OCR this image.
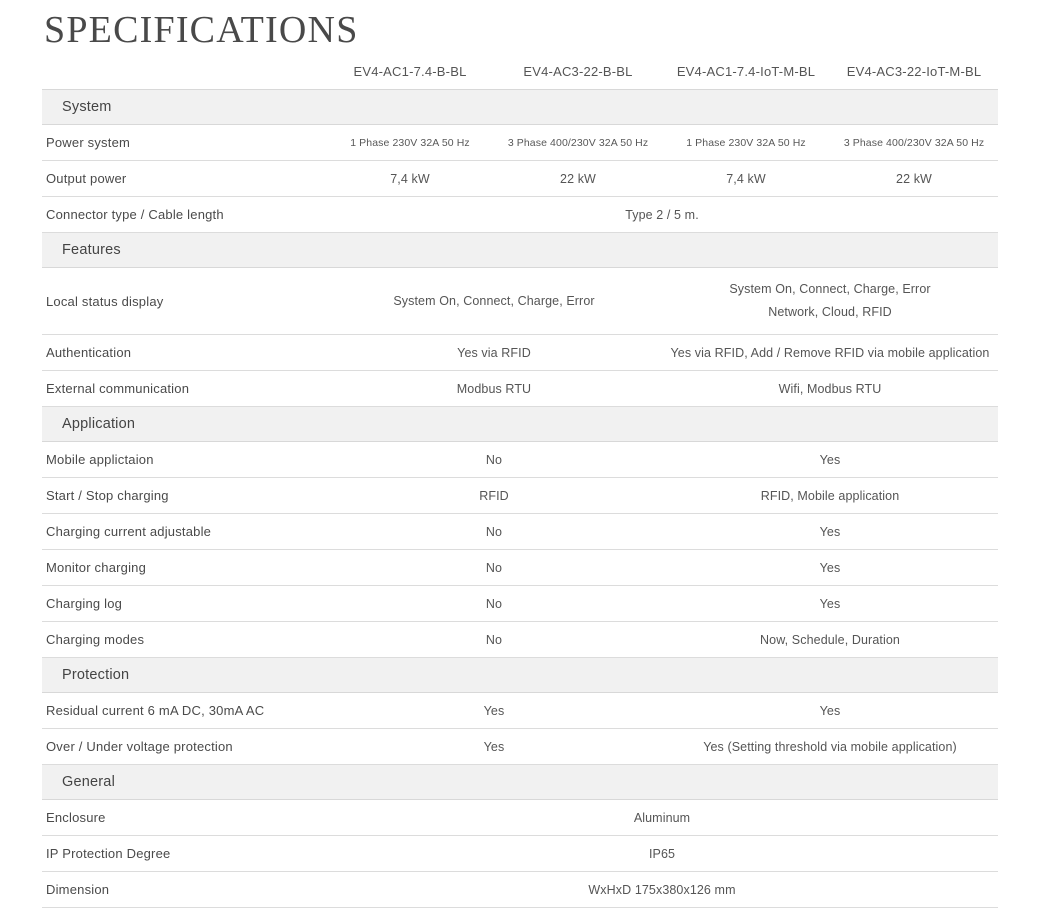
SPECIFICATIONS
	EV4-AC1-7.4-B-BL	EV4-AC3-22-B-BL	EV4-AC1-7.4-IoT-M-BL	EV4-AC3-22-IoT-M-BL
System				
Power system	1 Phase 230V 32A 50 Hz	3 Phase 400/230V 32A 50 Hz	1 Phase 230V 32A 50 Hz	3 Phase 400/230V 32A 50 Hz
Output power	7,4 kW	22 kW	7,4 kW	22 kW
Connector type / Cable length	Type 2 / 5 m.			
Features				
Local status display	System On, Connect, Charge, Error		System On, Connect, Charge, Error
Network, Cloud, RFID	
Authentication	Yes via RFID		Yes via RFID, Add / Remove RFID via mobile application	
External communication	Modbus RTU		Wifi, Modbus RTU	
Application				
Mobile applictaion	No		Yes	
Start / Stop charging	RFID		RFID, Mobile application	
Charging current adjustable	No		Yes	
Monitor charging	No		Yes	
Charging log	No		Yes	
Charging modes	No		Now, Schedule, Duration	
Protection				
Residual current 6 mA DC, 30mA AC	Yes		Yes	
Over / Under voltage protection	Yes		Yes (Setting threshold via mobile application)	
General				
Enclosure	Aluminum			
IP Protection Degree	IP65			
Dimension	WxHxD 175x380x126 mm			
